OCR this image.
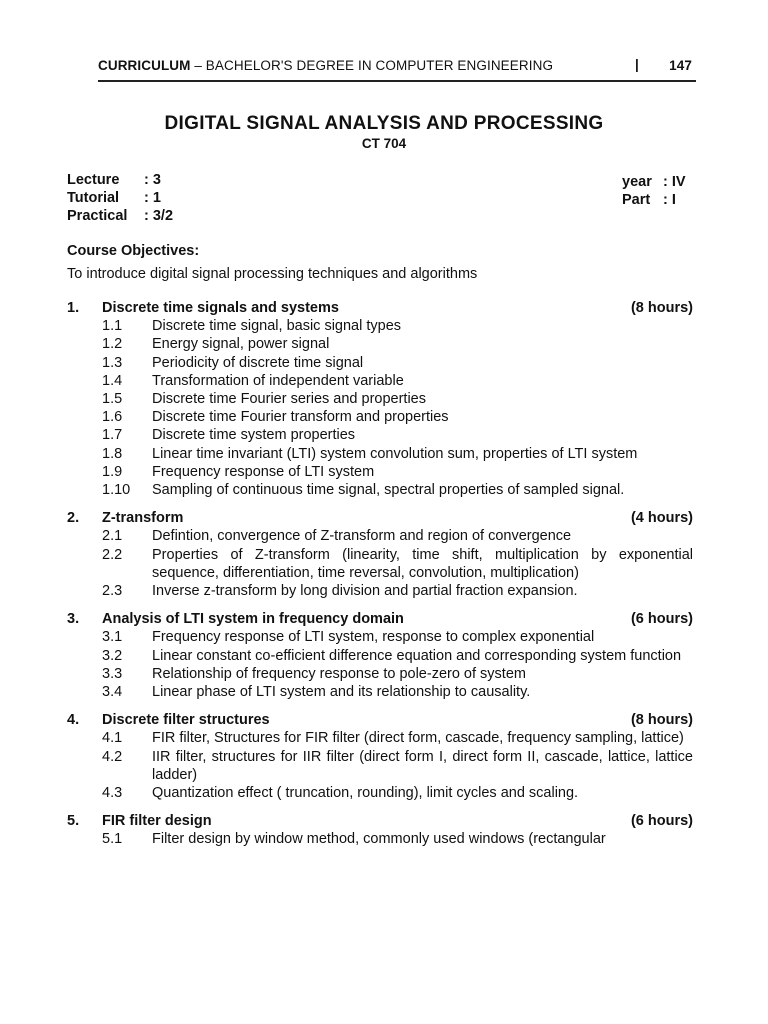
CURRICULUM – BACHELOR'S DEGREE IN COMPUTER ENGINEERING	| 147
DIGITAL SIGNAL ANALYSIS AND PROCESSING
CT 704
Lecture	: 3
Tutorial	: 1
Practical	: 3/2
year : IV
Part : I
Course Objectives:
To introduce digital signal processing techniques and algorithms
1.	Discrete time signals and systems	(8 hours)
1.1	Discrete time signal, basic signal types
1.2	Energy signal, power signal
1.3	Periodicity of discrete time signal
1.4	Transformation of independent variable
1.5	Discrete time Fourier series and properties
1.6	Discrete time Fourier transform and properties
1.7	Discrete time system properties
1.8	Linear time invariant (LTI) system convolution sum, properties of LTI system
1.9	Frequency response of LTI system
1.10	Sampling of continuous time signal, spectral properties of sampled signal.
2.	Z-transform	(4 hours)
2.1	Defintion, convergence of Z-transform and region of convergence
2.2	Properties of Z-transform (linearity, time shift, multiplication by exponential sequence, differentiation, time reversal, convolution, multiplication)
2.3	Inverse z-transform by long division and partial fraction expansion.
3.	Analysis of LTI system in frequency domain	(6 hours)
3.1	Frequency response of LTI system, response to complex exponential
3.2	Linear constant co-efficient difference equation and corresponding system function
3.3	Relationship of frequency response to pole-zero of system
3.4	Linear phase of LTI system and its relationship to causality.
4.	Discrete filter structures	(8 hours)
4.1	FIR filter, Structures for FIR filter (direct form, cascade, frequency sampling, lattice)
4.2	IIR filter, structures for IIR filter (direct form I, direct form II, cascade, lattice, lattice ladder)
4.3	Quantization effect ( truncation, rounding), limit cycles and scaling.
5.	FIR filter design	(6 hours)
5.1	Filter design by window method, commonly used windows (rectangular
